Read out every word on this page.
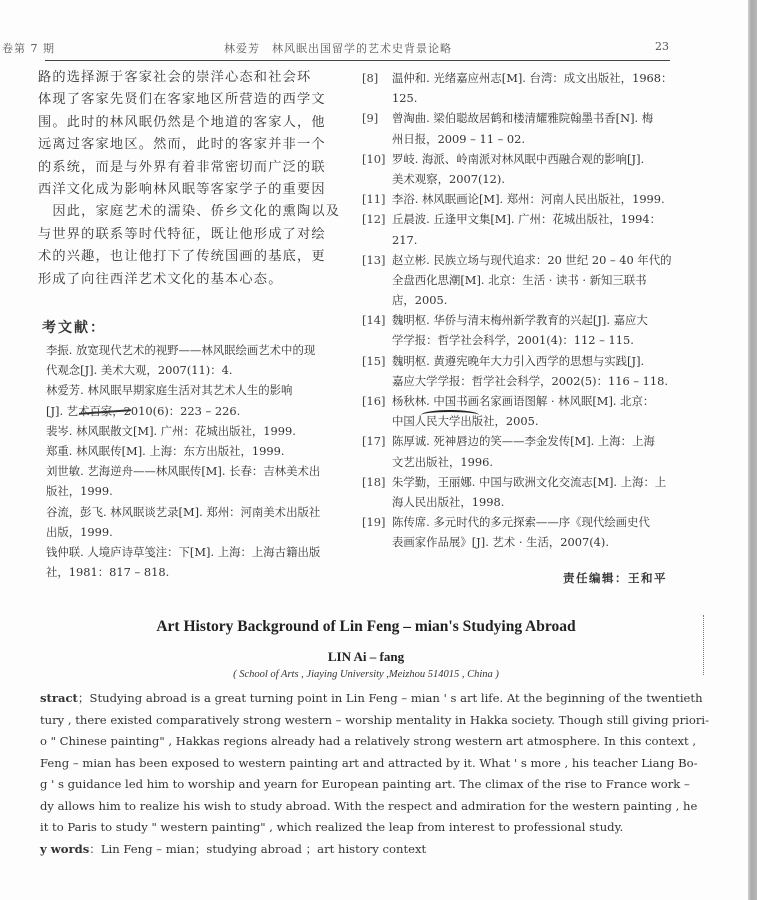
卷第 7 期	林爱芳　林风眠出国留学的艺术史背景论略	23
路的选择源于客家社会的崇洋心态和社会环
体现了客家先贤们在客家地区所营造的西学文
围。此时的林风眠仍然是个地道的客家人，他
远离过客家地区。然而，此时的客家并非一个
的系统，而是与外界有着非常密切而广泛的联
西洋文化成为影响林风眠等客家学子的重要因
　因此，家庭艺术的濡染、侨乡文化的熏陶以及
与世界的联系等时代特征，既让他形成了对绘
术的兴趣，也让他打下了传统国画的基底，更
形成了向往西洋艺术文化的基本心态。
考文献：
李振. 放宽现代艺术的视野——林风眠绘画艺术中的现
代观念[J]. 美术大观，2007(11)：4.
林爱芳. 林风眠早期家庭生活对其艺术人生的影响
[J]. 艺术百家，2010(6)：223 – 226.
裴岑. 林风眠散文[M]. 广州：花城出版社，1999.
郑重. 林风眠传[M]. 上海：东方出版社，1999.
刘世敏. 艺海逆舟——林风眠传[M]. 长春：吉林美术出
版社，1999.
谷流，彭飞. 林风眠谈艺录[M]. 郑州：河南美术出版社
出版，1999.
钱仲联. 人境庐诗草笺注：下[M]. 上海：上海古籍出版
社，1981：817 – 818.
[8] 温仲和. 光绪嘉应州志[M]. 台湾：成文出版社，1968：
125.
[9] 曾淘曲. 梁伯聪故居鹤和楼清耀雅院翰墨书香[N]. 梅
州日报，2009 – 11 – 02.
[10] 罗岐. 海派、岭南派对林风眠中西融合观的影响[J].
美术观察，2007(12).
[11] 李浴. 林风眠画论[M]. 郑州：河南人民出版社，1999.
[12] 丘晨波. 丘逢甲文集[M]. 广州：花城出版社，1994：
217.
[13] 赵立彬. 民族立场与现代追求：20 世纪 20 – 40 年代的
全盘西化思潮[M]. 北京：生活 · 读书 · 新知三联书
店，2005.
[14] 魏明枢. 华侨与清末梅州新学教育的兴起[J]. 嘉应大
学学报：哲学社会科学，2001(4)：112 – 115.
[15] 魏明枢. 黄遵宪晚年大力引入西学的思想与实践[J].
嘉应大学学报：哲学社会科学，2002(5)：116 – 118.
[16] 杨秋林. 中国书画名家画语图解 · 林风眠[M]. 北京：
中国人民大学出版社，2005.
[17] 陈厚诚. 死神唇边的笑——李金发传[M]. 上海：上海
文艺出版社，1996.
[18] 朱学勤，王丽娜. 中国与欧洲文化交流志[M]. 上海：上
海人民出版社，1998.
[19] 陈传席. 多元时代的多元探索——序《现代绘画史代
表画家作品展》[J]. 艺术 · 生活，2007(4).
责任编辑：王和平
Art History Background of Lin Feng – mian's Studying Abroad
LIN Ai – fang
( School of Arts , Jiaying University ,Meizhou 514015 , China )
stract；Studying abroad is a great turning point in Lin Feng – mian ' s art life. At the beginning of the twentieth
tury , there existed comparatively strong western – worship mentality in Hakka society. Though still giving priori-
o " Chinese painting" , Hakkas regions already had a relatively strong western art atmosphere. In this context ,
Feng – mian has been exposed to western painting art and attracted by it. What ' s more , his teacher Liang Bo-
g ' s guidance led him to worship and yearn for European painting art. The climax of the rise to France work –
dy allows him to realize his wish to study abroad. With the respect and admiration for the western painting , he
it to Paris to study " western painting" , which realized the leap from interest to professional study.
y words：Lin Feng – mian；studying abroad ；art history context
